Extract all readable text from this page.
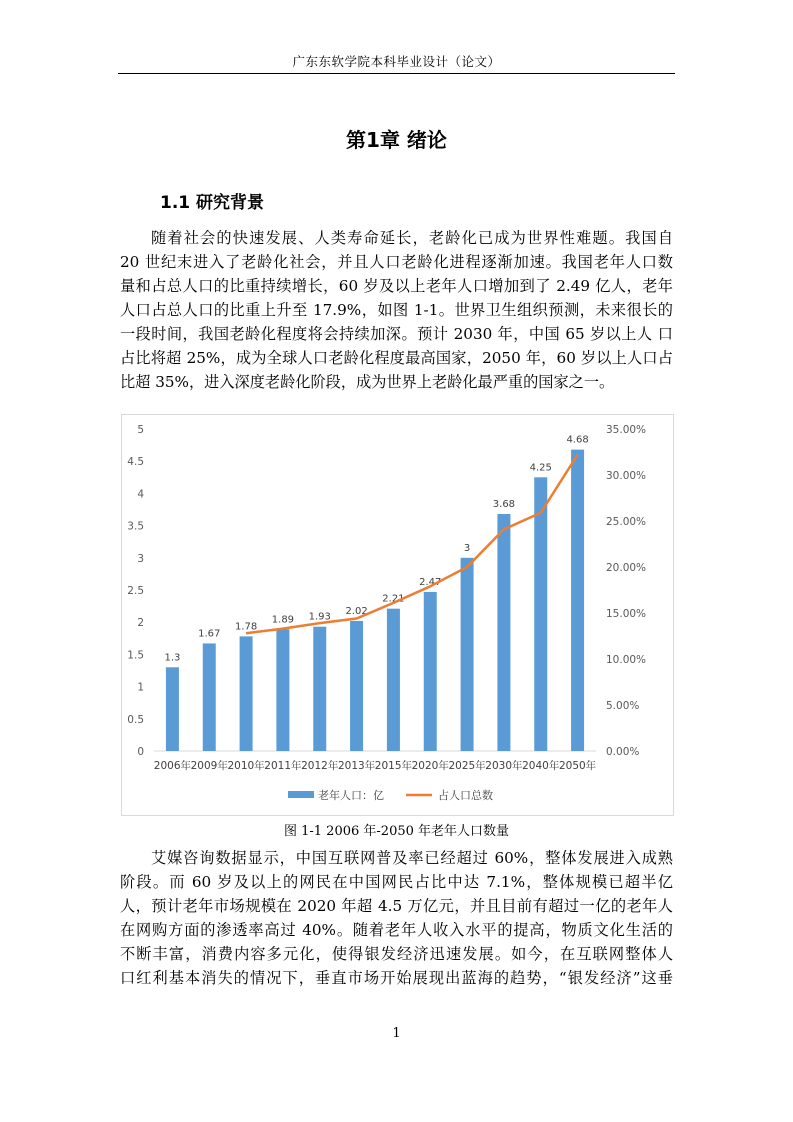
广东东软学院本科毕业设计（论文）
第1章 绪论
1.1 研究背景
随着社会的快速发展、人类寿命延长，老龄化已成为世界性难题。我国自
20 世纪末进入了老龄化社会，并且人口老龄化进程逐渐加速。我国老年人口数
量和占总人口的比重持续增长，60 岁及以上老年人口增加到了 2.49 亿人，老年
人口占总人口的比重上升至 17.9%，如图 1-1。世界卫生组织预测，未来很长的
一段时间，我国老龄化程度将会持续加深。预计 2030 年，中国 65 岁以上人 口
占比将超 25%，成为全球人口老龄化程度最高国家，2050 年，60 岁以上人口占
比超 35%，进入深度老龄化阶段，成为世界上老龄化最严重的国家之一。
0
0.5
1
1.5
2
2.5
3
3.5
4
4.5
5
0.00%
5.00%
10.00%
15.00%
20.00%
25.00%
30.00%
35.00%
1.3
1.67
1.78
1.89 1.93
2.02
2.21
2.47
3
3.68
4.25
4.68
2006年 2009年 2010年 2011年 2012年 2013年 2015年 2020年 2025年 2030年 2040年 2050年
老年人口：亿	占人口总数
图 1-1 2006 年-2050 年老年人口数量
艾媒咨询数据显示，中国互联网普及率已经超过 60%，整体发展进入成熟
阶段。而 60 岁及以上的网民在中国网民占比中达 7.1%，整体规模已超半亿
人，预计老年市场规模在 2020 年超 4.5 万亿元，并且目前有超过一亿的老年人
在网购方面的渗透率高过 40%。随着老年人收入水平的提高，物质文化生活的
不断丰富，消费内容多元化，使得银发经济迅速发展。如今，在互联网整体人
口红利基本消失的情况下，垂直市场开始展现出蓝海的趋势，“银发经济”这垂
1
